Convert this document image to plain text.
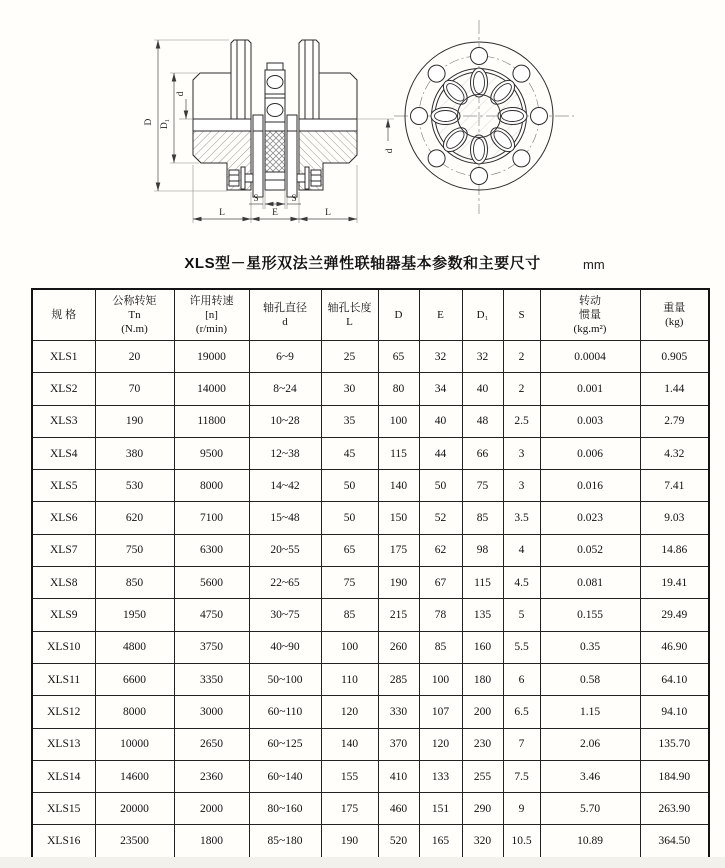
D D₁
d
d
S	S
L	E	L
XLS型－星形双法兰弹性联轴器基本参数和主要尺寸	mm
规 格

公称转矩
Tn
(N.m)

许用转速
[n]
(r/min)

轴孔直径
d

轴孔长度
L

D	E	D₁	S

转动
惯量
(kg.m²)

重量
(kg)

XLS1	20	19000	6~9	25	65	32	32	2	0.0004	0.905
XLS2	70	14000	8~24	30	80	34	40	2	0.001	1.44
XLS3	190	11800	10~28	35	100	40	48	2.5	0.003	2.79
XLS4	380	9500	12~38	45	115	44	66	3	0.006	4.32
XLS5	530	8000	14~42	50	140	50	75	3	0.016	7.41
XLS6	620	7100	15~48	50	150	52	85	3.5	0.023	9.03
XLS7	750	6300	20~55	65	175	62	98	4	0.052	14.86
XLS8	850	5600	22~65	75	190	67	115	4.5	0.081	19.41
XLS9	1950	4750	30~75	85	215	78	135	5	0.155	29.49
XLS10	4800	3750	40~90	100	260	85	160	5.5	0.35	46.90
XLS11	6600	3350	50~100	110	285	100	180	6	0.58	64.10
XLS12	8000	3000	60~110	120	330	107	200	6.5	1.15	94.10
XLS13	10000	2650	60~125	140	370	120	230	7	2.06	135.70
XLS14	14600	2360	60~140	155	410	133	255	7.5	3.46	184.90
XLS15	20000	2000	80~160	175	460	151	290	9	5.70	263.90
XLS16	23500	1800	85~180	190	520	165	320	10.5	10.89	364.50
